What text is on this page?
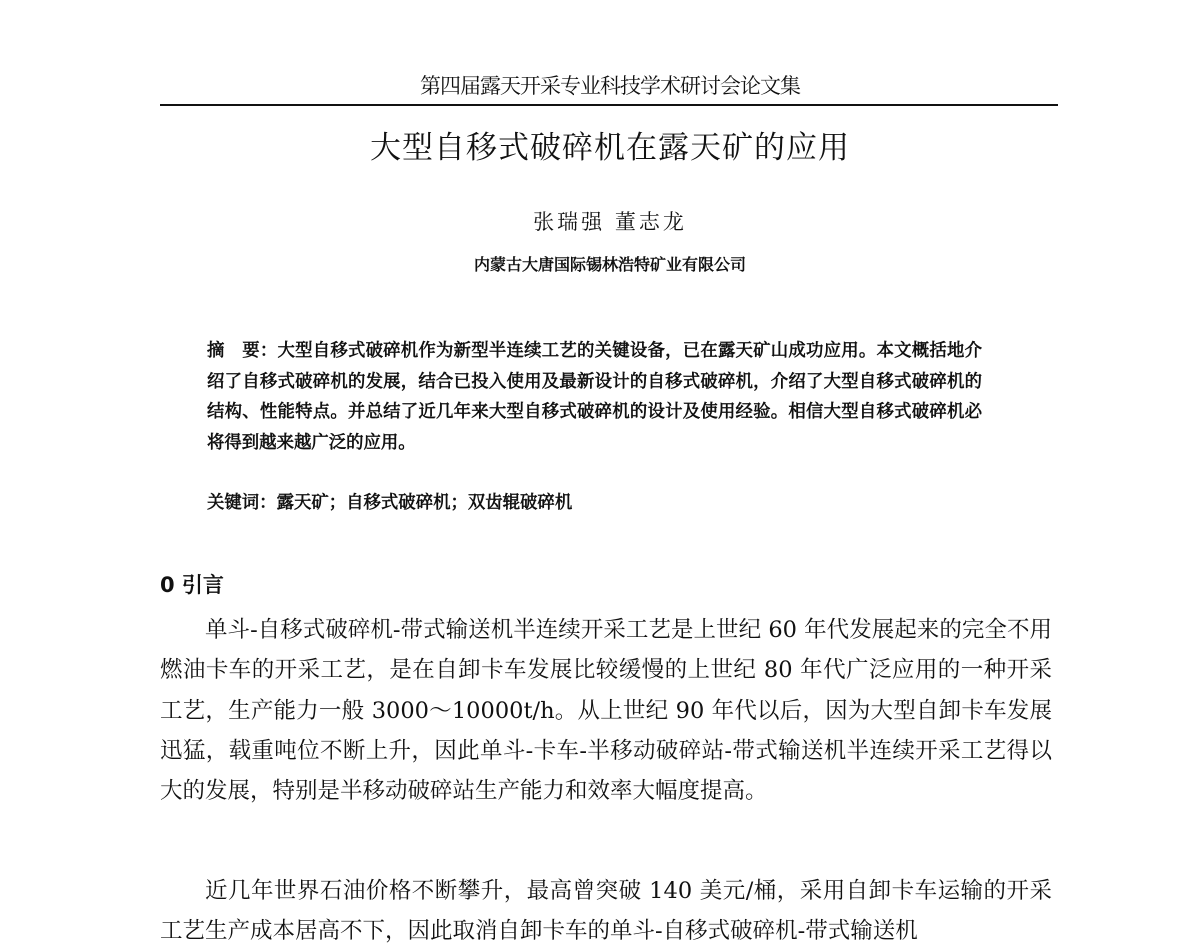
第四届露天开采专业科技学术研讨会论文集
大型自移式破碎机在露天矿的应用
张瑞强 董志龙
内蒙古大唐国际锡林浩特矿业有限公司

摘　要：大型自移式破碎机作为新型半连续工艺的关键设备，已在露天矿山成功应用。本文概括地介绍了自移式破碎机的发展，结合已投入使用及最新设计的自移式破碎机，介绍了大型自移式破碎机的结构、性能特点。并总结了近几年来大型自移式破碎机的设计及使用经验。相信大型自移式破碎机必将得到越来越广泛的应用。

关键词：露天矿；自移式破碎机；双齿辊破碎机
0 引言

单斗-自移式破碎机-带式输送机半连续开采工艺是上世纪 60 年代发展起来的完全不用燃油卡车的开采工艺，是在自卸卡车发展比较缓慢的上世纪 80 年代广泛应用的一种开采工艺，生产能力一般 3000～10000t/h。从上世纪 90 年代以后，因为大型自卸卡车发展迅猛，载重吨位不断上升，因此单斗-卡车-半移动破碎站-带式输送机半连续开采工艺得以大的发展，特别是半移动破碎站生产能力和效率大幅度提高。

近几年世界石油价格不断攀升，最高曾突破 140 美元/桶，采用自卸卡车运输的开采工艺生产成本居高不下，因此取消自卸卡车的单斗-自移式破碎机-带式输送机
